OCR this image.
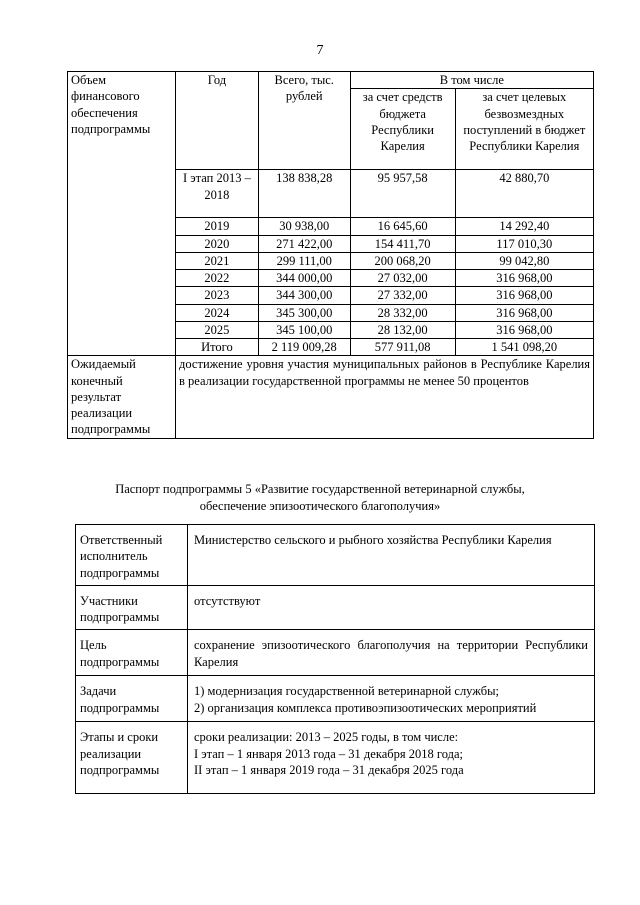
7
Объем финансового обеспечения подпрограммы	Год	Всего, тыс. рублей	В том числе	
			за счет средств бюджета Республики Карелия	за счет целевых безвозмездных поступлений в бюджет Республики Карелия
	I этап 2013 – 2018	138 838,28	95 957,58	42 880,70
	2019	30 938,00	16 645,60	14 292,40
	2020	271 422,00	154 411,70	117 010,30
	2021	299 111,00	200 068,20	99 042,80
	2022	344 000,00	27 032,00	316 968,00
	2023	344 300,00	27 332,00	316 968,00
	2024	345 300,00	28 332,00	316 968,00
	2025	345 100,00	28 132,00	316 968,00
	Итого	2 119 009,28	577 911,08	1 541 098,20
Ожидаемый конечный результат реализации подпрограммы	достижение уровня участия муниципальных районов в Республике Карелия в реализации государственной программы не менее 50 процентов			
Паспорт подпрограммы 5 «Развитие государственной ветеринарной службы,
обеспечение эпизоотического благополучия»
Ответственный исполнитель подпрограммы	Министерство сельского и рыбного хозяйства Республики Карелия

Участники подпрограммы	отсутствуют

Цель подпрограммы	сохранение эпизоотического благополучия на территории Республики Карелия

Задачи подпрограммы	1) модернизация государственной ветеринарной службы;
2) организация комплекса противоэпизоотических мероприятий

Этапы и сроки реализации подпрограммы	сроки реализации: 2013 – 2025 годы, в том числе:
I этап – 1 января 2013 года – 31 декабря 2018 года;
II этап – 1 января 2019 года – 31 декабря 2025 года
